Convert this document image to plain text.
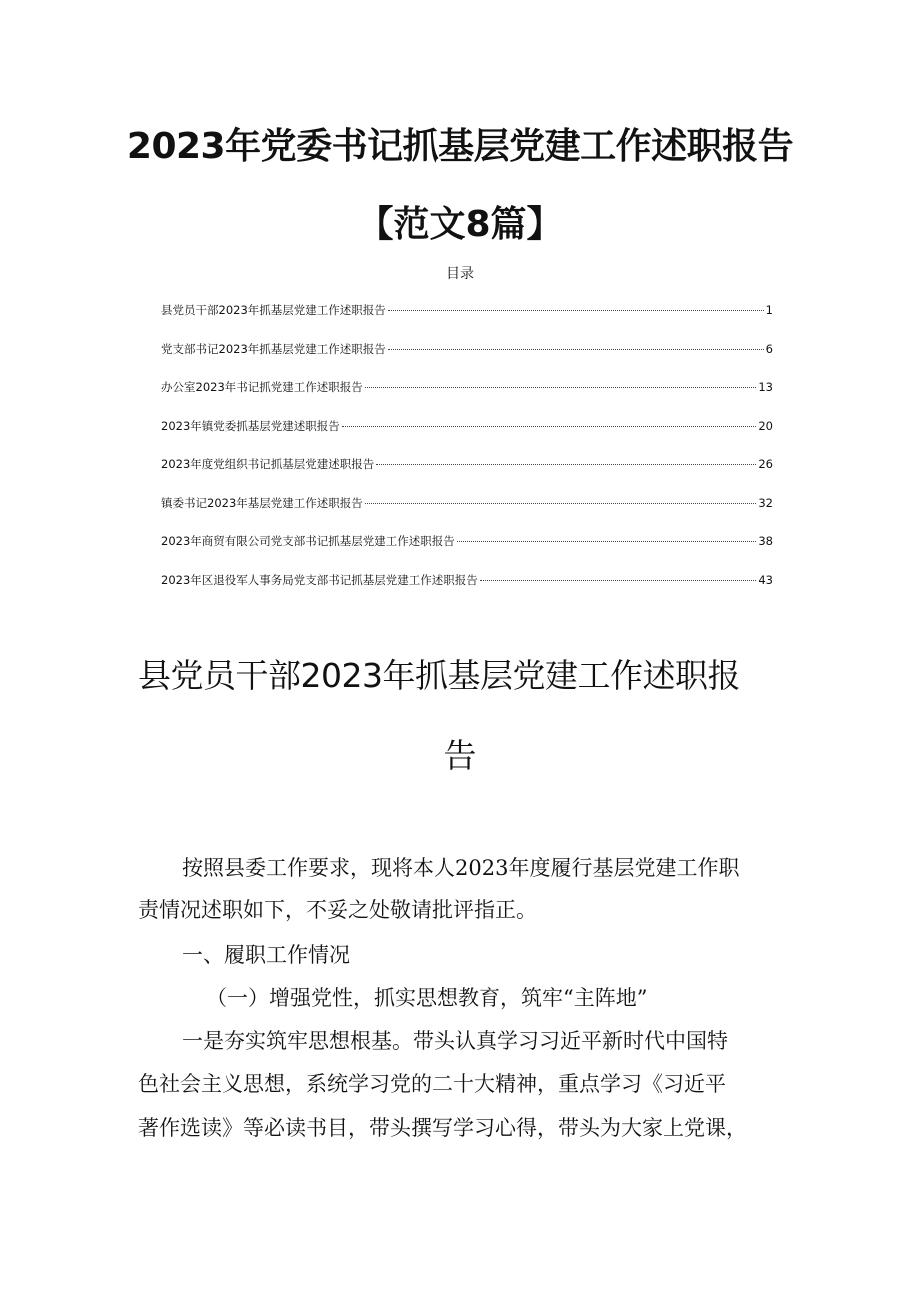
2023年党委书记抓基层党建工作述职报告
【范文8篇】
目录
县党员干部2023年抓基层党建工作述职报告	1
党支部书记2023年抓基层党建工作述职报告	6
办公室2023年书记抓党建工作述职报告	13
2023年镇党委抓基层党建述职报告	20
2023年度党组织书记抓基层党建述职报告	26
镇委书记2023年基层党建工作述职报告	32
2023年商贸有限公司党支部书记抓基层党建工作述职报告	38
2023年区退役军人事务局党支部书记抓基层党建工作述职报告	43
县党员干部2023年抓基层党建工作述职报
告
按照县委工作要求，现将本人2023年度履行基层党建工作职
责情况述职如下，不妥之处敬请批评指正。
一、履职工作情况
（一）增强党性，抓实思想教育，筑牢“主阵地”
一是夯实筑牢思想根基。带头认真学习习近平新时代中国特
色社会主义思想，系统学习党的二十大精神，重点学习《习近平
著作选读》等必读书目，带头撰写学习心得，带头为大家上党课，
